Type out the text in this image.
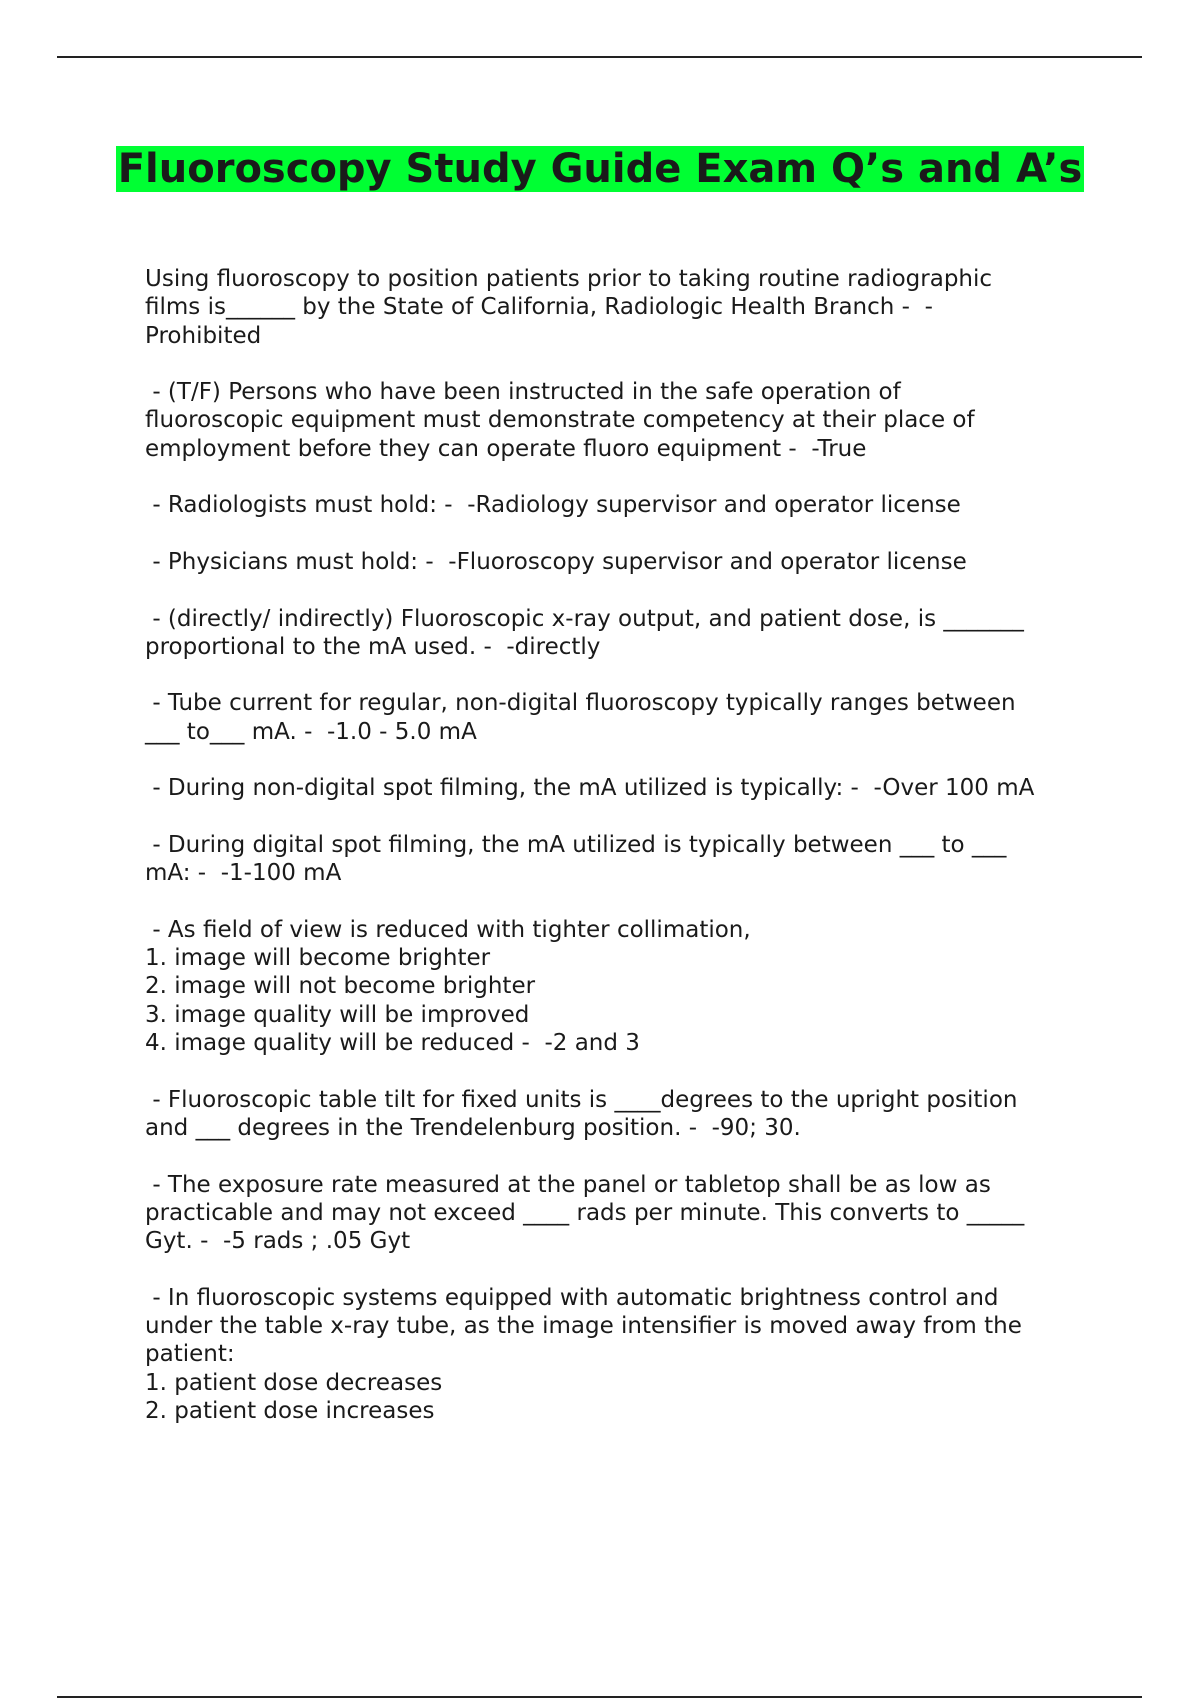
Fluoroscopy Study Guide Exam Q’s and A’s
Using fluoroscopy to position patients prior to taking routine radiographic
films is______ by the State of California, Radiologic Health Branch -  -
Prohibited
- (T/F) Persons who have been instructed in the safe operation of
fluoroscopic equipment must demonstrate competency at their place of
employment before they can operate fluoro equipment -  -True
- Radiologists must hold: -  -Radiology supervisor and operator license
- Physicians must hold: -  -Fluoroscopy supervisor and operator license
- (directly/ indirectly) Fluoroscopic x-ray output, and patient dose, is _______
proportional to the mA used. -  -directly
- Tube current for regular, non-digital fluoroscopy typically ranges between
___ to___ mA. -  -1.0 - 5.0 mA
- During non-digital spot filming, the mA utilized is typically: -  -Over 100 mA
- During digital spot filming, the mA utilized is typically between ___ to ___
mA: -  -1-100 mA
- As field of view is reduced with tighter collimation,
1. image will become brighter
2. image will not become brighter
3. image quality will be improved
4. image quality will be reduced -  -2 and 3
- Fluoroscopic table tilt for fixed units is ____degrees to the upright position
and ___ degrees in the Trendelenburg position. -  -90; 30.
- The exposure rate measured at the panel or tabletop shall be as low as
practicable and may not exceed ____ rads per minute. This converts to _____
Gyt. -  -5 rads ; .05 Gyt
- In fluoroscopic systems equipped with automatic brightness control and
under the table x-ray tube, as the image intensifier is moved away from the
patient:
1. patient dose decreases
2. patient dose increases
